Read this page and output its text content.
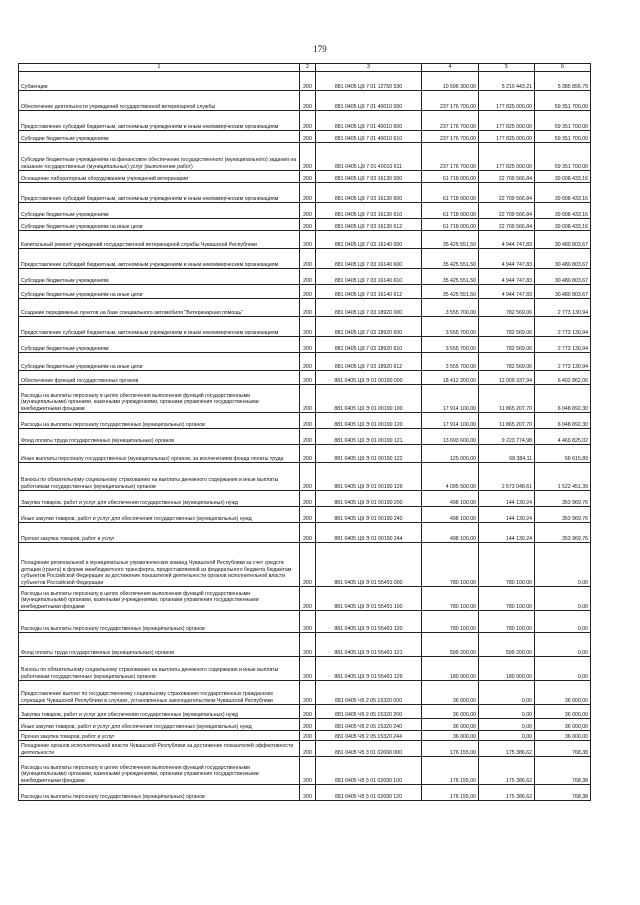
179
1	2	3	4	5	6
Субвенции	200	881 0405 Ц9 7 01 12750 530	10 596 300,00	5 210 443,21	5 385 856,79
Обеспечение деятельности учреждений государственной ветеринарной службы	200	881 0405 Ц9 7 01 40010 000	237 176 700,00	177 825 000,00	59 351 700,00
Предоставление субсидий бюджетным, автономным учреждениям и иным некоммерческим организациям	200	881 0405 Ц9 7 01 40010 600	237 176 700,00	177 825 000,00	59 351 700,00
Субсидии бюджетным учреждениям	200	881 0405 Ц9 7 01 40010 610	237 176 700,00	177 825 000,00	59 351 700,00
Субсидии бюджетным учреждениям на финансовое обеспечение государственного (муниципального) задания на оказание государственных (муниципальных) услуг (выполнение работ)	200	881 0405 Ц9 7 01 40010 611	237 176 700,00	177 825 000,00	59 351 700,00
Оснащение лабораторным оборудованием учреждений ветеринарии	200	881 0405 Ц9 7 03 16130 000	61 718 000,00	22 709 566,84	39 008 433,16
Предоставление субсидий бюджетным, автономным учреждениям и иным некоммерческим организациям	200	881 0405 Ц9 7 03 16130 600	61 718 000,00	22 709 566,84	39 008 433,16
Субсидии бюджетным учреждениям	200	881 0405 Ц9 7 03 16130 610	61 718 000,00	22 709 566,84	39 008 433,16
Субсидии бюджетным учреждениям на иные цели	200	881 0405 Ц9 7 03 16130 612	61 718 000,00	22 709 566,84	39 008 433,16
Капитальный ремонт учреждений государственной ветеринарной службы Чувашской Республики	200	881 0405 Ц9 7 03 16140 000	35 425 551,50	4 944 747,83	30 480 803,67
Предоставление субсидий бюджетным, автономным учреждениям и иным некоммерческим организациям	200	881 0405 Ц9 7 03 16140 600	35 425 551,50	4 944 747,83	30 480 803,67
Субсидии бюджетным учреждениям	200	881 0405 Ц9 7 03 16140 610	35 425 551,50	4 944 747,83	30 480 803,67
Субсидии бюджетным учреждениям на иные цели	200	881 0405 Ц9 7 03 16140 612	35 425 551,50	4 944 747,83	30 480 803,67
Создание передвижных пунктов на базе специального автомобиля "Ветеринарная помощь"	200	881 0405 Ц9 7 03 18920 000	3 555 700,00	782 569,06	2 773 130,94
Предоставление субсидий бюджетным, автономным учреждениям и иным некоммерческим организациям	200	881 0405 Ц9 7 03 18920 600	3 555 700,00	782 569,06	2 773 130,94
Субсидии бюджетным учреждениям	200	881 0405 Ц9 7 03 18920 610	3 555 700,00	782 569,06	2 773 130,94
Субсидии бюджетным учреждениям на иные цели	200	881 0405 Ц9 7 03 18920 612	3 555 700,00	782 569,06	2 773 130,94
Обеспечение функций государственных органов	200	881 0405 Ц9 Э 01 00190 000	18 412 200,00	12 009 337,94	6 402 862,06
Расходы на выплаты персоналу в целях обеспечения выполнения функций государственными (муниципальными) органами, казенными учреждениями, органами управления государственными внебюджетными фондами	200	881 0405 Ц9 Э 01 00190 100	17 914 100,00	11 865 207,70	6 048 892,30
Расходы на выплаты персоналу государственных (муниципальных) органов	200	881 0405 Ц9 Э 01 00190 120	17 914 100,00	11 865 207,70	6 048 892,30
Фонд оплаты труда государственных (муниципальных) органов	200	881 0405 Ц9 Э 01 00190 121	13 693 600,00	9 223 774,98	4 469 825,02
Иные выплаты персоналу государственных (муниципальных) органов, за исключением фонда оплаты труда	200	881 0405 Ц9 Э 01 00190 122	125 000,00	68 384,11	56 615,89
Взносы по обязательному социальному страхованию на выплаты денежного содержания и иные выплаты работникам государственных (муниципальных) органов	200	881 0405 Ц9 Э 01 00190 129	4 095 500,00	2 573 048,61	1 522 451,39
Закупка товаров, работ и услуг для обеспечения государственных (муниципальных) нужд	200	881 0405 Ц9 Э 01 00190 200	498 100,00	144 130,24	353 969,76
Иные закупки товаров, работ и услуг для обеспечения государственных (муниципальных) нужд	200	881 0405 Ц9 Э 01 00190 240	498 100,00	144 130,24	353 969,76
Прочая закупка товаров, работ и услуг	200	881 0405 Ц9 Э 01 00190 244	498 100,00	144 130,24	353 969,76
Поощрение региональной и муниципальных управленческих команд Чувашской Республики за счет средств дотации (гранта) в форме межбюджетного трансферта, предоставляемой из федерального бюджета бюджетам субъектов Российской Федерации за достижение показателей деятельности органов исполнительной власти субъектов Российской Федерации	200	881 0405 Ц9 Э 01 55491 000	780 100,00	780 100,00	0,00
Расходы на выплаты персоналу в целях обеспечения выполнения функций государственными (муниципальными) органами, казенными учреждениями, органами управления государственными внебюджетными фондами	200	881 0405 Ц9 Э 01 55491 100	780 100,00	780 100,00	0,00
Расходы на выплаты персоналу государственных (муниципальных) органов	200	881 0405 Ц9 Э 01 55491 120	780 100,00	780 100,00	0,00
Фонд оплаты труда государственных (муниципальных) органов	200	881 0405 Ц9 Э 01 55491 121	599 200,00	599 200,00	0,00
Взносы по обязательному социальному страхованию на выплаты денежного содержания и иные выплаты работникам государственных (муниципальных) органов	200	881 0405 Ц9 Э 01 55491 129	180 900,00	180 900,00	0,00
Предоставление выплат по государственному социальному страхованию государственных гражданских служащих Чувашской Республики в случаях, установленных законодательством Чувашской Республики	200	881 0405 Ч5 2 05 15320 000	36 000,00	0,00	36 000,00
Закупка товаров, работ и услуг для обеспечения государственных (муниципальных) нужд	200	881 0405 Ч5 2 05 15320 200	36 000,00	0,00	36 000,00
Иные закупки товаров, работ и услуг для обеспечения государственных (муниципальных) нужд	200	881 0405 Ч5 2 05 15320 240	36 000,00	0,00	36 000,00
Прочая закупка товаров, работ и услуг	200	881 0405 Ч5 2 05 15320 244	36 000,00	0,00	36 000,00
Поощрение органов исполнительной власти Чувашской Республики за достижение показателей эффективности деятельности	200	881 0405 Ч5 3 01 02690 000	176 155,00	175 386,62	768,38
Расходы на выплаты персоналу в целях обеспечения выполнения функций государственными (муниципальными) органами, казенными учреждениями, органами управления государственными внебюджетными фондами	200	881 0405 Ч5 3 01 02690 100	176 155,00	175 386,62	768,38
Расходы на выплаты персоналу государственных (муниципальных) органов	200	881 0405 Ч5 3 01 02690 120	176 155,00	175 386,62	768,38
